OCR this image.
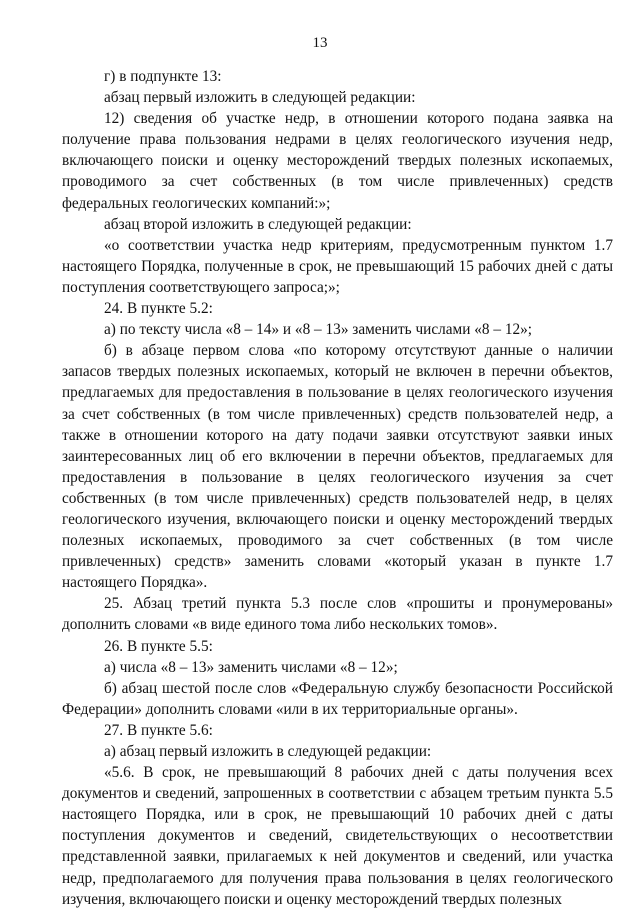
13

г) в подпункте 13:

абзац первый изложить в следующей редакции:

12) сведения об участке недр, в отношении которого подана заявка на получение права пользования недрами в целях геологического изучения недр, включающего поиски и оценку месторождений твердых полезных ископаемых, проводимого за счет собственных (в том числе привлеченных) средств федеральных геологических компаний:»;

абзац второй изложить в следующей редакции:

«о соответствии участка недр критериям, предусмотренным пунктом 1.7 настоящего Порядка, полученные в срок, не превышающий 15 рабочих дней с даты поступления соответствующего запроса;»;

24. В пункте 5.2:

а) по тексту числа «8 – 14» и «8 – 13» заменить числами «8 – 12»;

б) в абзаце первом слова «по которому отсутствуют данные о наличии запасов твердых полезных ископаемых, который не включен в перечни объектов, предлагаемых для предоставления в пользование в целях геологического изучения за счет собственных (в том числе привлеченных) средств пользователей недр, а также в отношении которого на дату подачи заявки отсутствуют заявки иных заинтересованных лиц об его включении в перечни объектов, предлагаемых для предоставления в пользование в целях геологического изучения за счет собственных (в том числе привлеченных) средств пользователей недр, в целях геологического изучения, включающего поиски и оценку месторождений твердых полезных ископаемых, проводимого за счет собственных (в том числе привлеченных) средств» заменить словами «который указан в пункте 1.7 настоящего Порядка».

25. Абзац третий пункта 5.3 после слов «прошиты и пронумерованы» дополнить словами «в виде единого тома либо нескольких томов».

26. В пункте 5.5:

а) числа «8 – 13» заменить числами «8 – 12»;

б) абзац шестой после слов «Федеральную службу безопасности Российской Федерации» дополнить словами «или в их территориальные органы».

27. В пункте 5.6:

а) абзац первый изложить в следующей редакции:

«5.6. В срок, не превышающий 8 рабочих дней с даты получения всех документов и сведений, запрошенных в соответствии с абзацем третьим пункта 5.5 настоящего Порядка, или в срок, не превышающий 10 рабочих дней с даты поступления документов и сведений, свидетельствующих о несоответствии представленной заявки, прилагаемых к ней документов и сведений, или участка недр, предполагаемого для получения права пользования в целях геологического изучения, включающего поиски и оценку месторождений твердых полезных
